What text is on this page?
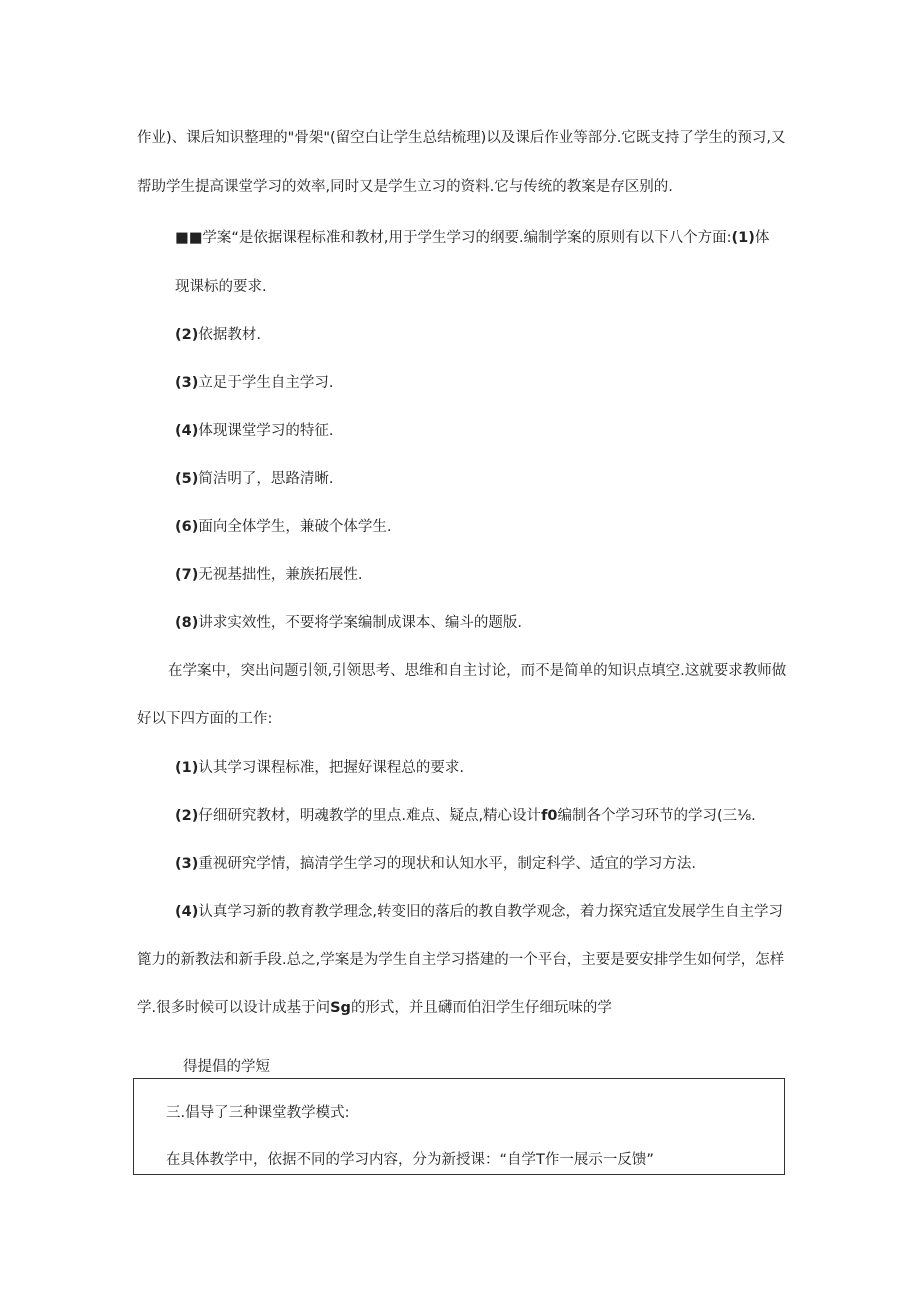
作业)、课后知识整理的"骨架"(留空白让学生总结梳理)以及课后作业等部分.它既支持了学生的预习,又
帮助学生提高课堂学习的效率,同时又是学生立习的资料.它与传统的教案是存区别的.
■■学案“是依据课程标准和教材,用于学生学习的纲要.编制学案的原则有以下八个方面:(1)体
现课标的要求.
(2)依据教材.
(3)立足于学生自主学习.
(4)体现课堂学习的特征.
(5)简洁明了，思路清晰.
(6)面向全体学生，兼破个体学生.
(7)无视基拙性，兼族拓展性.
(8)讲求实效性，不要将学案编制成课本、编斗的题版.
在学案中，突出问题引领,引领思考、思维和自主讨论，而不是简单的知识点填空.这就要求教师做
好以下四方面的工作:
(1)认其学习课程标准，把握好课程总的要求.
(2)仔细研究教材，明魂教学的里点.难点、疑点,精心设计f0编制各个学习环节的学习(三⅛.
(3)重视研究学情，搞清学生学习的现状和认知水平，制定科学、适宜的学习方法.
(4)认真学习新的教育教学理念,转变旧的落后的教自教学观念，着力探究适宜发展学生自主学习
篦力的新教法和新手段.总之,学案是为学生自主学习搭建的一个平台，主要是要安排学生如何学，怎样
学.很多时候可以设计成基于问Sg的形式，并且礴而伯汨学生仔细玩味的学
得提倡的学短
三.倡导了三种课堂教学模式:
在具体教学中，依据不同的学习内容，分为新授课：“自学T作一展示一反馈”
